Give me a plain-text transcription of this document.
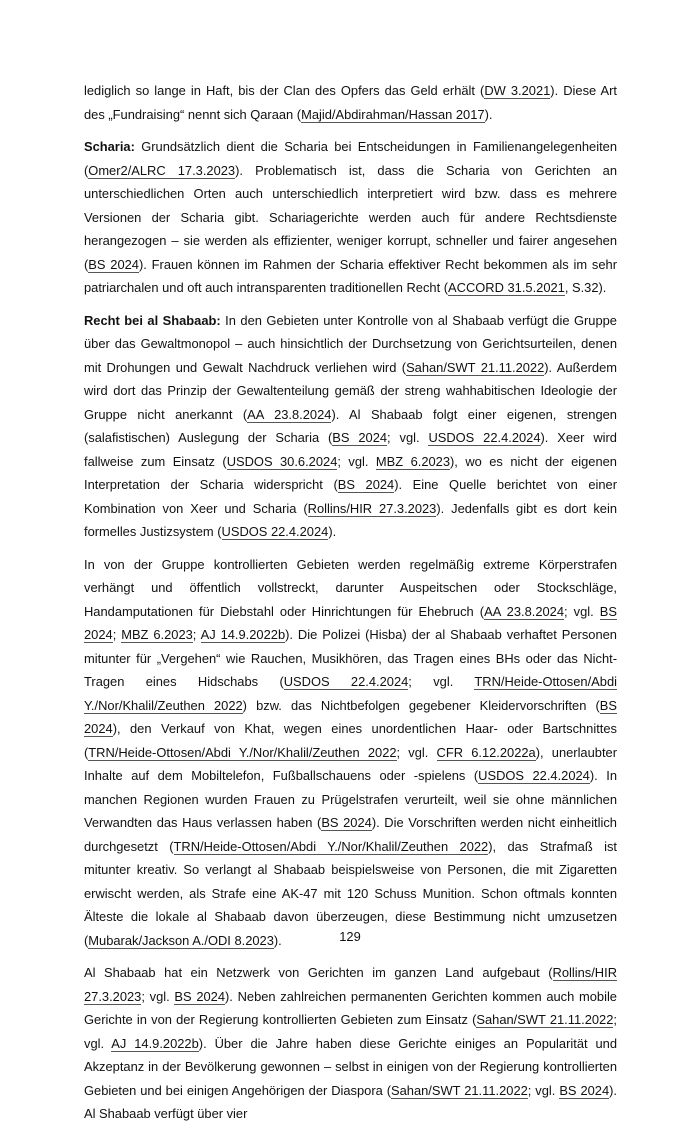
lediglich so lange in Haft, bis der Clan des Opfers das Geld erhält (DW 3.2021). Diese Art des „Fundraising“ nennt sich Qaraan (Majid/Abdirahman/Hassan 2017).

Scharia: Grundsätzlich dient die Scharia bei Entscheidungen in Familienangelegenheiten (Omer2/ALRC 17.3.2023). Problematisch ist, dass die Scharia von Gerichten an unterschiedlichen Orten auch unterschiedlich interpretiert wird bzw. dass es mehrere Versionen der Scharia gibt. Schariagerichte werden auch für andere Rechtsdienste herangezogen – sie werden als effizienter, weniger korrupt, schneller und fairer angesehen (BS 2024). Frauen können im Rahmen der Scharia effektiver Recht bekommen als im sehr patriarchalen und oft auch intransparenten traditionellen Recht (ACCORD 31.5.2021, S.32).

Recht bei al Shabaab: In den Gebieten unter Kontrolle von al Shabaab verfügt die Gruppe über das Gewaltmonopol – auch hinsichtlich der Durchsetzung von Gerichtsurteilen, denen mit Drohungen und Gewalt Nachdruck verliehen wird (Sahan/SWT 21.11.2022). Außerdem wird dort das Prinzip der Gewaltenteilung gemäß der streng wahhabitischen Ideologie der Gruppe nicht anerkannt (AA 23.8.2024). Al Shabaab folgt einer eigenen, strengen (salafistischen) Auslegung der Scharia (BS 2024; vgl. USDOS 22.4.2024). Xeer wird fallweise zum Einsatz (USDOS 30.6.2024; vgl. MBZ 6.2023), wo es nicht der eigenen Interpretation der Scharia widerspricht (BS 2024). Eine Quelle berichtet von einer Kombination von Xeer und Scharia (Rollins/HIR 27.3.2023). Jedenfalls gibt es dort kein formelles Justizsystem (USDOS 22.4.2024).

In von der Gruppe kontrollierten Gebieten werden regelmäßig extreme Körperstrafen verhängt und öffentlich vollstreckt, darunter Auspeitschen oder Stockschläge, Handamputationen für Diebstahl oder Hinrichtungen für Ehebruch (AA 23.8.2024; vgl. BS 2024; MBZ 6.2023; AJ 14.9.2022b). Die Polizei (Hisba) der al Shabaab verhaftet Personen mitunter für „Vergehen“ wie Rauchen, Musikhören, das Tragen eines BHs oder das Nicht-Tragen eines Hidschabs (USDOS 22.4.2024; vgl. TRN/Heide-Ottosen/Abdi Y./Nor/Khalil/Zeuthen 2022) bzw. das Nichtbefolgen gegebener Kleidervorschriften (BS 2024), den Verkauf von Khat, wegen eines unordentlichen Haar- oder Bartschnittes (TRN/Heide-Ottosen/Abdi Y./Nor/Khalil/Zeuthen 2022; vgl. CFR 6.12.2022a), unerlaubter Inhalte auf dem Mobiltelefon, Fußballschauens oder -spielens (USDOS 22.4.2024). In manchen Regionen wurden Frauen zu Prügelstrafen verurteilt, weil sie ohne männlichen Verwandten das Haus verlassen haben (BS 2024). Die Vorschriften werden nicht einheitlich durchgesetzt (TRN/Heide-Ottosen/Abdi Y./Nor/Khalil/Zeuthen 2022), das Strafmaß ist mitunter kreativ. So verlangt al Shabaab beispielsweise von Personen, die mit Zigaretten erwischt werden, als Strafe eine AK-47 mit 120 Schuss Munition. Schon oftmals konnten Älteste die lokale al Shabaab davon überzeugen, diese Bestimmung nicht umzusetzen (Mubarak/Jackson A./ODI 8.2023).

Al Shabaab hat ein Netzwerk von Gerichten im ganzen Land aufgebaut (Rollins/HIR 27.3.2023; vgl. BS 2024). Neben zahlreichen permanenten Gerichten kommen auch mobile Gerichte in von der Regierung kontrollierten Gebieten zum Einsatz (Sahan/SWT 21.11.2022; vgl. AJ 14.9.2022b). Über die Jahre haben diese Gerichte einiges an Popularität und Akzeptanz in der Bevölkerung gewonnen – selbst in einigen von der Regierung kontrollierten Gebieten und bei einigen Angehörigen der Diaspora (Sahan/SWT 21.11.2022; vgl. BS 2024). Al Shabaab verfügt über vier

129
